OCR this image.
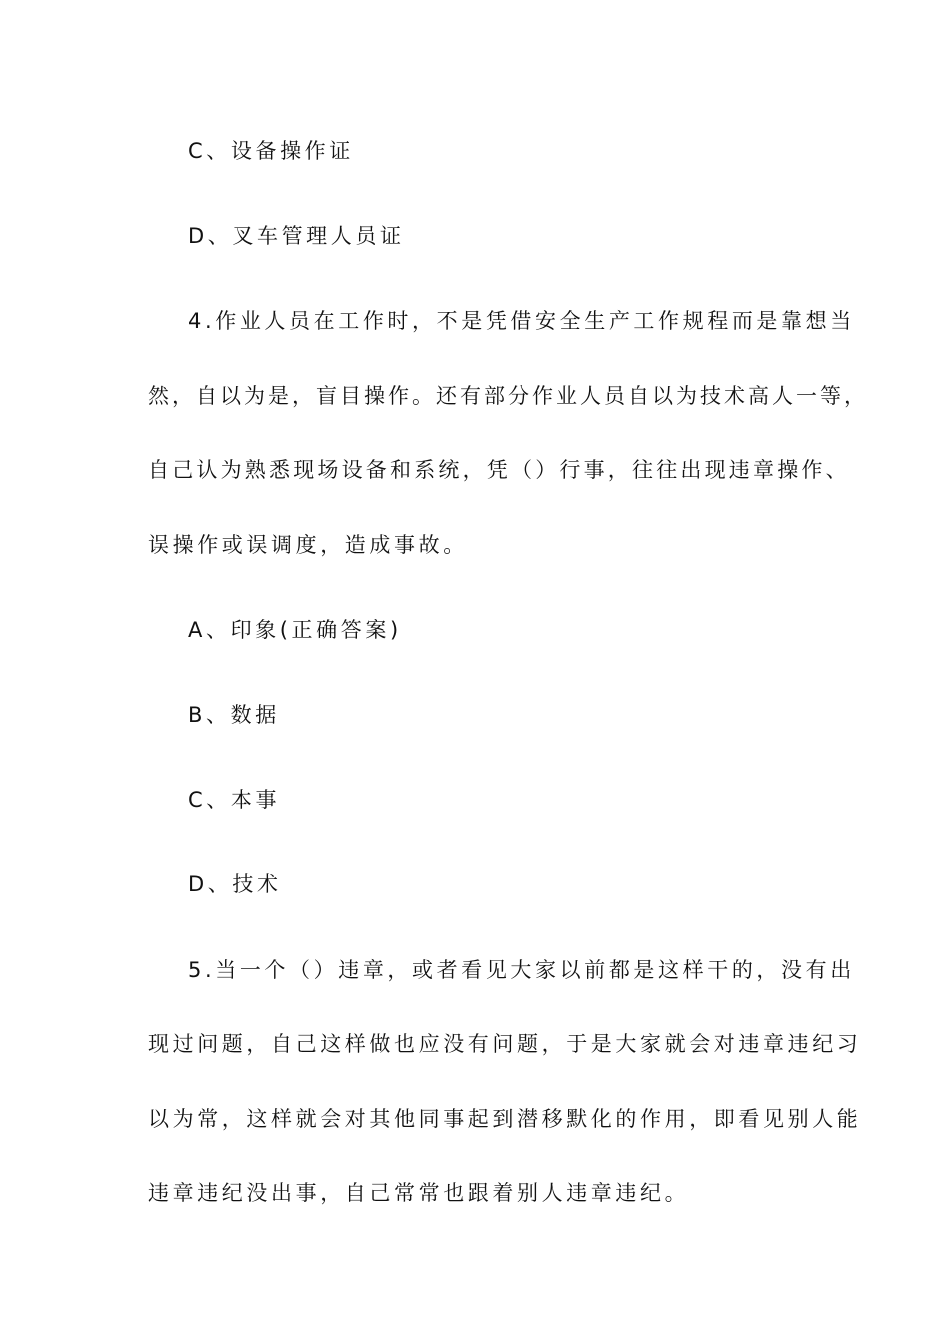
C、设备操作证
D、叉车管理人员证
4.作业人员在工作时，不是凭借安全生产工作规程而是靠想当
然，自以为是，盲目操作。还有部分作业人员自以为技术高人一等，
自己认为熟悉现场设备和系统，凭（）行事，往往出现违章操作、
误操作或误调度，造成事故。
A、印象(正确答案)
B、数据
C、本事
D、技术
5.当一个（）违章，或者看见大家以前都是这样干的，没有出
现过问题，自己这样做也应没有问题，于是大家就会对违章违纪习
以为常，这样就会对其他同事起到潜移默化的作用，即看见别人能
违章违纪没出事，自己常常也跟着别人违章违纪。
